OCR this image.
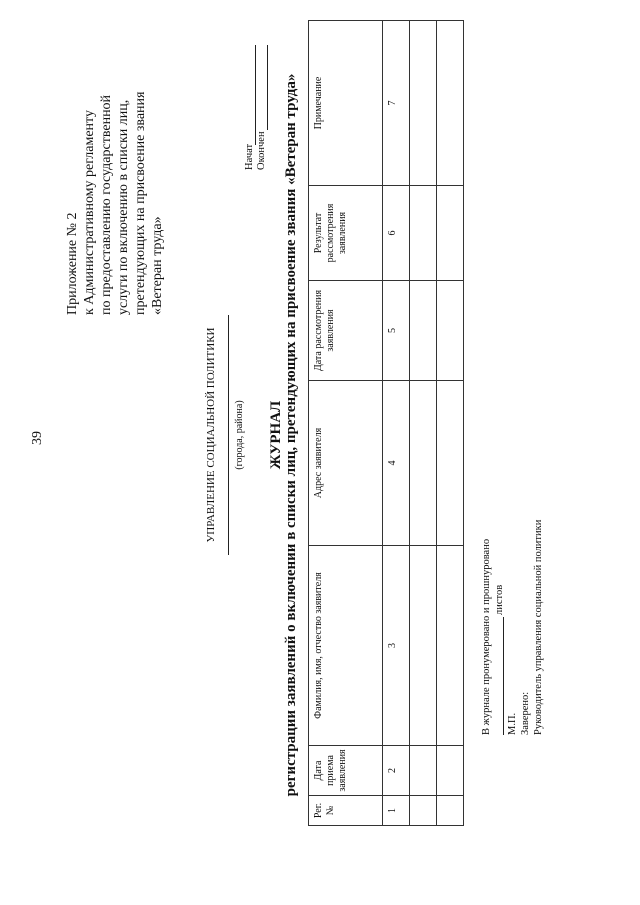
39
Приложение № 2 к Административному регламенту по предоставлению государственной услуги по включению в списки лиц, претендующих на присвоение звания «Ветеран труда»
УПРАВЛЕНИЕ СОЦИАЛЬНОЙ ПОЛИТИКИ (города, района) ЖУРНАЛ регистрации заявлений о включении в списки лиц, претендующих на присвоение звания «Ветеран труда»
Начат Окончен
Рег. №	Дата приема заявления	Фамилия, имя, отчество заявителя	Адрес заявителя	Дата рассмотрения заявления	Результат рассмотрения заявления	Примечание
1	2	3	4	5	6	7

В журнале пронумеровано и прошнуровано листов
М.П. Заверено: Руководитель управления социальной политики
